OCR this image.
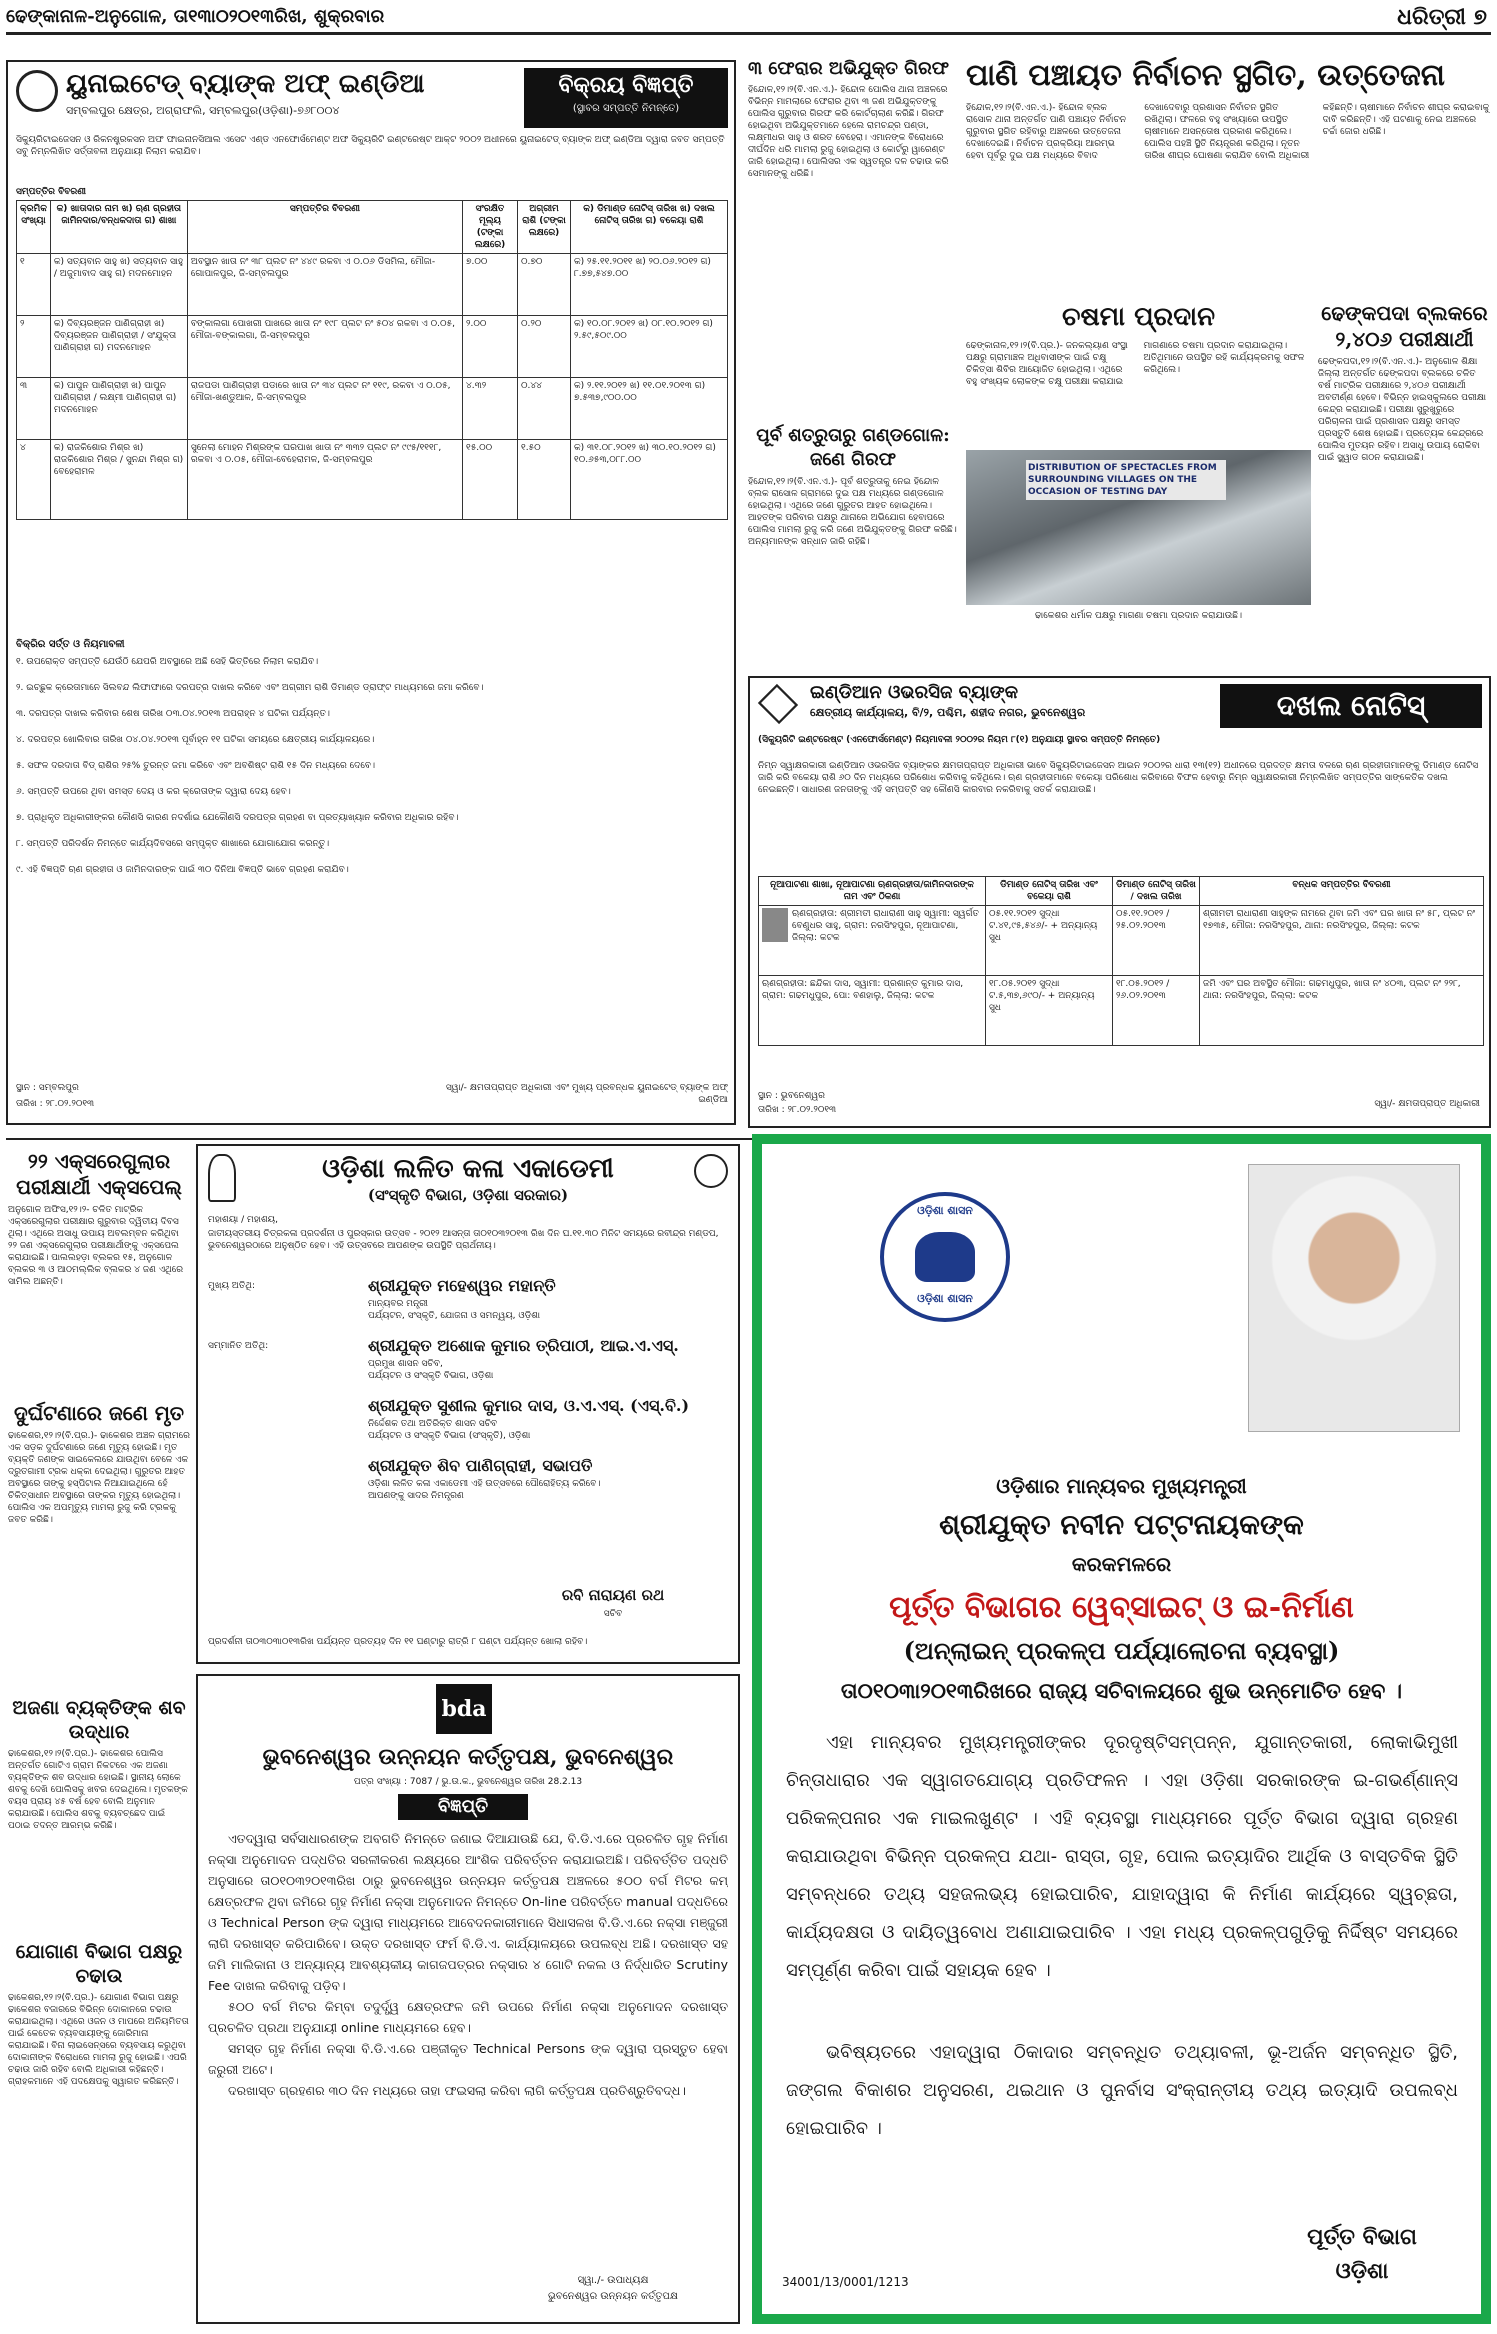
ଢେଙ୍କାନାଳ-ଅନୁଗୋଳ, ତା୧୩ା୦୨୦୧୩ରିଖ, ଶୁକ୍ରବାର	ଧରିତ୍ରୀ ୭
ୟୁନାଇଟେଡ୍ ବ୍ୟାଙ୍କ ଅଫ୍ ଇଣ୍ଡିଆ
ସମ୍ବଲପୁର କ୍ଷେତ୍ର, ଅଗ୍ରାଫଲି, ସମ୍ବଲପୁର(ଓଡ଼ିଶା)-୭୬୮୦୦୪
ବିକ୍ରୟ ବିଜ୍ଞପ୍ତି
(ସ୍ଥାବର ସମ୍ପତ୍ତି ନିମନ୍ତେ)
ସିକ୍ୟୁରିଟାଇଜେସନ ଓ ରିକନଷ୍ଟ୍ରକସନ ଅଫ ଫାଇନାନସିଆଲ ଏସେଟ ଏଣ୍ଡ ଏନଫୋର୍ସମେଣ୍ଟ ଅଫ ସିକ୍ୟୁରିଟି ଇଣ୍ଟରେଷ୍ଟ ଆକ୍ଟ ୨୦୦୨ ଅଧୀନରେ ୟୁନାଇଟେଡ୍ ବ୍ୟାଙ୍କ ଅଫ୍ ଇଣ୍ଡିଆ ଦ୍ୱାରା ଜବତ ସମ୍ପତ୍ତି ସବୁ ନିମ୍ନଲିଖିତ ସର୍ତ୍ତାବଳୀ ଅନୁଯାୟୀ ନିଲାମ କରାଯିବ।
ସମ୍ପତ୍ତିର ବିବରଣୀ
କ୍ରମିକ ସଂଖ୍ୟା	କ) ଖାତାଦାର ନାମ ଖ) ଋଣ ଗ୍ରହୀତା ଜାମିନଦାର/ବନ୍ଧକଦାତା ଗ) ଶାଖା	ସମ୍ପତ୍ତିର ବିବରଣୀ	ସଂରକ୍ଷିତ ମୂଲ୍ୟ (ଟଙ୍କା ଲକ୍ଷରେ)	ଅଗ୍ରୀମ ରାଶି (ଟଙ୍କା ଲକ୍ଷରେ)	କ) ଡିମାଣ୍ଡ ନୋଟିସ୍ ତାରିଖ ଖ) ଦଖଲ ନୋଟିସ୍ ତାରିଖ ଗ) ବକେୟା ରାଶି
୧	କ) ସତ୍ୟବାନ ସାହୁ ଖ) ସତ୍ୟବାନ ସାହୁ / ଅଜୁମାବାଦ ସାହୁ ଗ) ମଦନମୋହନ	ଅବସ୍ଥାନ ଖାତା ନଂ ୩୮ ପ୍ଲଟ ନଂ ୪୪୯ ରକବା ଏ ୦.୦୬ ଡିସମିଲ, ମୌଜା-ଗୋପାଳପୁର, ଜି-ସମ୍ବଲପୁର	୭.୦୦	୦.୭୦	କ) ୨୫.୧୧.୨୦୧୧ ଖ) ୨୦.୦୬.୨୦୧୨ ଗ) ୮.୭୭,୫୪୭.୦୦
୨	କ) ଦିବ୍ୟରଞ୍ଜନ ପାଣିଗ୍ରାହୀ ଖ) ଦିବ୍ୟରଞ୍ଜନ ପାଣିଗ୍ରାହୀ / ସଂଯୁକ୍ତା ପାଣିଗ୍ରାହୀ ଗ) ମଦନମୋହନ	ବଙ୍କାଲଗା ପୋଖରୀ ପାଖରେ ଖାତା ନଂ ୧୯୮ ପ୍ଲଟ ନଂ ୫୦୪ ରକବା ଏ ୦.୦୫, ମୌଜା-ବଙ୍କାଲଗା, ଜି-ସମ୍ବଲପୁର	୨.୦୦	୦.୨୦	କ) ୧୦.୦୮.୨୦୧୨ ଖ) ୦୮.୧୦.୨୦୧୨ ଗ) ୨.୫୯,୫୦୯.୦୦
୩	କ) ପାପୁନ ପାଣିଗ୍ରାହୀ ଖ) ପାପୁନ ପାଣିଗ୍ରାହୀ / ଲକ୍ଷ୍ମୀ ପାଣିଗ୍ରାହୀ ଗ) ମଦନମୋହନ	ରାଜପଡା ପାଣିଗ୍ରାହୀ ପଡାରେ ଖାତା ନଂ ୩୪ ପ୍ଲଟ ନଂ ୧୧୯, ରକବା ଏ ୦.୦୫, ମୌଜା-ଖଣ୍ଡୁଆଳ, ଜି-ସମ୍ବଲପୁର	୪.୩୨	୦.୪୪	କ) ୨.୧୧.୨୦୧୨ ଖ) ୧୧.୦୧.୨୦୧୩ ଗ) ୭.୫୩୭,୯୦୦.୦୦
୪	କ) ରାଜକିଶୋର ମିଶ୍ର ଖ) ରାଜକିଶୋର ମିଶ୍ର / ସୁନନ୍ଦା ମିଶ୍ର ଗ) ବେହେରାମଳ	ସୁନେଲା ମୋହନ ମିଶ୍ରଙ୍କ ଘରପାଖ ଖାତା ନଂ ୩୩୨ ପ୍ଲଟ ନଂ ୯୯୫/୧୧୧୮, ରକବା ଏ ୦.୦୫, ମୌଜା-ବେହେରାମଳ, ଜି-ସମ୍ବଲପୁର	୧୫.୦୦	୧.୫୦	କ) ୩୧.୦୮.୨୦୧୨ ଖ) ୩୦.୧୦.୨୦୧୨ ଗ) ୧୦.୬୫୩,୦୮୮.୦୦
ବିକ୍ରିର ସର୍ତ୍ତ ଓ ନିୟମାବଳୀ
୧. ଉପରୋକ୍ତ ସମ୍ପତ୍ତି ଯେଉଁଠି ଯେପରି ଅବସ୍ଥାରେ ଅଛି ସେହି ଭିତ୍ତିରେ ନିଲାମ କରାଯିବ।
୨. ଇଚ୍ଛୁକ କ୍ରେତାମାନେ ସିଲବନ୍ଦ ଲିଫାଫାରେ ଦରପତ୍ର ଦାଖଲ କରିବେ ଏବଂ ଅଗ୍ରୀମ ରାଶି ଡିମାଣ୍ଡ ଡ୍ରାଫ୍ଟ ମାଧ୍ୟମରେ ଜମା କରିବେ।
୩. ଦରପତ୍ର ଦାଖଲ କରିବାର ଶେଷ ତାରିଖ ୦୩.୦୪.୨୦୧୩ ଅପରାହ୍ନ ୪ ଘଟିକା ପର୍ଯ୍ୟନ୍ତ।
୪. ଦରପତ୍ର ଖୋଲିବାର ତାରିଖ ୦୪.୦୪.୨୦୧୩ ପୂର୍ବାହ୍ନ ୧୧ ଘଟିକା ସମୟରେ କ୍ଷେତ୍ରୀୟ କାର୍ଯ୍ୟାଳୟରେ।
୫. ସଫଳ ଦରଦାତା ବିଡ୍ ରାଶିର ୨୫% ତୁରନ୍ତ ଜମା କରିବେ ଏବଂ ଅବଶିଷ୍ଟ ରାଶି ୧୫ ଦିନ ମଧ୍ୟରେ ଦେବେ।
୬. ସମ୍ପତ୍ତି ଉପରେ ଥିବା ସମସ୍ତ ଦେୟ ଓ କର କ୍ରେତାଙ୍କ ଦ୍ୱାରା ଦେୟ ହେବ।
୭. ପ୍ରାଧିକୃତ ଅଧିକାରୀଙ୍କର କୌଣସି କାରଣ ନଦର୍ଶାଇ ଯେକୌଣସି ଦରପତ୍ର ଗ୍ରହଣ ବା ପ୍ରତ୍ୟାଖ୍ୟାନ କରିବାର ଅଧିକାର ରହିବ।
୮. ସମ୍ପତ୍ତି ପରିଦର୍ଶନ ନିମନ୍ତେ କାର୍ଯ୍ୟଦିବସରେ ସମ୍ପୃକ୍ତ ଶାଖାରେ ଯୋଗାଯୋଗ କରନ୍ତୁ।
୯. ଏହି ବିଜ୍ଞପ୍ତି ଋଣ ଗ୍ରହୀତା ଓ ଜାମିନଦାରଙ୍କ ପାଇଁ ୩୦ ଦିନିଆ ବିଜ୍ଞପ୍ତି ଭାବେ ଗ୍ରହଣ କରାଯିବ।
ସ୍ଥାନ : ସମ୍ବଲପୁର
ତାରିଖ : ୨୮.୦୨.୨୦୧୩
ସ୍ୱା/- କ୍ଷମତାପ୍ରାପ୍ତ ଅଧିକାରୀ ଏବଂ ମୁଖ୍ୟ ପ୍ରବନ୍ଧକ ୟୁନାଇଟେଡ୍ ବ୍ୟାଙ୍କ ଅଫ୍ ଇଣ୍ଡିଆ
୩ ଫେରାର ଅଭିଯୁକ୍ତ ଗିରଫ
ହିନ୍ଦୋଳ,୧୨।୨(ବି.ଏନ.ଏ.)- ହିନ୍ଦୋଳ ପୋଲିସ ଥାନା ଅଞ୍ଚଳରେ ବିଭିନ୍ନ ମାମଲାରେ ଫେରାର ଥିବା ୩ ଜଣ ଅଭିଯୁକ୍ତଙ୍କୁ ପୋଲିସ ଗୁରୁବାର ଗିରଫ କରି କୋର୍ଟଚାଲାଣ କରିଛି। ଗିରଫ ହୋଇଥିବା ଅଭିଯୁକ୍ତମାନେ ହେଲେ ରାମଚନ୍ଦ୍ର ପଣ୍ଡା, ଲକ୍ଷ୍ମୀଧର ସାହୁ ଓ ଶରତ ବେହେରା। ଏମାନଙ୍କ ବିରୋଧରେ ଦୀର୍ଘଦିନ ଧରି ମାମଲା ରୁଜୁ ହୋଇଥିଲା ଓ କୋର୍ଟରୁ ୱାରେଣ୍ଟ ଜାରି ହୋଇଥିଲା। ପୋଲିସର ଏକ ସ୍ୱତନ୍ତ୍ର ଦଳ ଚଢାଉ କରି ସେମାନଙ୍କୁ ଧରିଛି।
ପାଣି ପଞ୍ଚାୟତ ନିର୍ବାଚନ ସ୍ଥଗିତ, ଉତ୍ତେଜନା
ହିନ୍ଦୋଳ,୧୨।୨(ବି.ଏନ.ଏ.)- ହିନ୍ଦୋଳ ବ୍ଲକ ରାସୋଳ ଥାନା ଅନ୍ତର୍ଗତ ପାଣି ପଞ୍ଚାୟତ ନିର୍ବାଚନ ଗୁରୁବାର ସ୍ଥଗିତ ରହିବାରୁ ଅଞ୍ଚଳରେ ଉତ୍ତେଜନା ଦେଖାଦେଇଛି। ନିର୍ବାଚନ ପ୍ରକ୍ରିୟା ଆରମ୍ଭ ହେବା ପୂର୍ବରୁ ଦୁଇ ପକ୍ଷ ମଧ୍ୟରେ ବିବାଦ ଦେଖାଦେବାରୁ ପ୍ରଶାସନ ନିର୍ବାଚନ ସ୍ଥଗିତ ରଖିଥିଲା। ଫଳରେ ବହୁ ସଂଖ୍ୟାରେ ଉପସ୍ଥିତ ଚାଷୀମାନେ ଅସନ୍ତୋଷ ପ୍ରକାଶ କରିଥିଲେ। ପୋଲିସ ପହଞ୍ଚି ସ୍ଥିତି ନିୟନ୍ତ୍ରଣ କରିଥିଲା। ନୂତନ ତାରିଖ ଶୀଘ୍ର ଘୋଷଣା କରାଯିବ ବୋଲି ଅଧିକାରୀ କହିଛନ୍ତି। ଚାଷୀମାନେ ନିର୍ବାଚନ ଶୀଘ୍ର କରାଇବାକୁ ଦାବି କରିଛନ୍ତି। ଏହି ଘଟଣାକୁ ନେଇ ଅଞ୍ଚଳରେ ଚର୍ଚ୍ଚା ଜୋର ଧରିଛି।
ଚଷମା ପ୍ରଦାନ
ଢେଙ୍କାନାଳ,୧୨।୨(ବି.ପ୍ର.)- ଜନକଲ୍ୟାଣ ସଂସ୍ଥା ପକ୍ଷରୁ ଗ୍ରାମାଞ୍ଚଳ ଅଧିବାସୀଙ୍କ ପାଇଁ ଚକ୍ଷୁ ଚିକିତ୍ସା ଶିବିର ଆୟୋଜିତ ହୋଇଥିଲା। ଏଥିରେ ବହୁ ସଂଖ୍ୟକ ଲୋକଙ୍କ ଚକ୍ଷୁ ପରୀକ୍ଷା କରାଯାଇ ମାଗଣାରେ ଚଷମା ପ୍ରଦାନ କରାଯାଇଥିଲା। ଅତିଥିମାନେ ଉପସ୍ଥିତ ରହି କାର୍ଯ୍ୟକ୍ରମକୁ ସଫଳ କରିଥିଲେ।
DISTRIBUTION OF SPECTACLES FROM SURROUNDING VILLAGES ON THE OCCASION OF TESTING DAY
ଢାକେଶର ଧର୍ମାଳ ପକ୍ଷରୁ ମାଗଣା ଚଷମା ପ୍ରଦାନ କରାଯାଉଛି।
ଢେଙ୍କପଦା ବ୍ଲକରେ ୨,୪୦୬ ପରୀକ୍ଷାର୍ଥୀ
ଢେଙ୍କପଦା,୧୨।୨(ବି.ଏନ.ଏ.)- ଅନୁଗୋଳ ଶିକ୍ଷା ଜିଲ୍ଲା ଅନ୍ତର୍ଗତ ଢେଙ୍କପଦା ବ୍ଲକରେ ଚଳିତ ବର୍ଷ ମାଟ୍ରିକ ପରୀକ୍ଷାରେ ୨,୪୦୬ ପରୀକ୍ଷାର୍ଥୀ ଅବତୀର୍ଣ୍ଣ ହେବେ। ବିଭିନ୍ନ ହାଇସ୍କୁଲରେ ପରୀକ୍ଷା କେନ୍ଦ୍ର କରାଯାଇଛି। ପରୀକ୍ଷା ସୁରୁଖୁରୁରେ ପରିଚାଳନା ପାଇଁ ପ୍ରଶାସନ ପକ୍ଷରୁ ସମସ୍ତ ପ୍ରସ୍ତୁତି ଶେଷ ହୋଇଛି। ପ୍ରତ୍ୟେକ କେନ୍ଦ୍ରରେ ପୋଲିସ ମୁତୟନ ରହିବ। ଅସାଧୁ ଉପାୟ ରୋକିବା ପାଇଁ ସ୍କ୍ୱାଡ ଗଠନ କରାଯାଇଛି।
ପୂର୍ବ ଶତ୍ରୁତାରୁ ଗଣ୍ଡଗୋଳ: ଜଣେ ଗିରଫ
ହିନ୍ଦୋଳ,୧୨।୨(ବି.ଏନ.ଏ.)- ପୂର୍ବ ଶତ୍ରୁତାକୁ ନେଇ ହିନ୍ଦୋଳ ବ୍ଲକ ରାସୋଳ ଗ୍ରାମରେ ଦୁଇ ପକ୍ଷ ମଧ୍ୟରେ ଗଣ୍ଡଗୋଳ ହୋଇଥିଲା। ଏଥିରେ ଜଣେ ଗୁରୁତର ଆହତ ହୋଇଥିଲେ। ଆହତଙ୍କ ପରିବାର ପକ୍ଷରୁ ଥାନାରେ ଅଭିଯୋଗ ହେବାପରେ ପୋଲିସ ମାମଲା ରୁଜୁ କରି ଜଣେ ଅଭିଯୁକ୍ତଙ୍କୁ ଗିରଫ କରିଛି। ଅନ୍ୟମାନଙ୍କ ସନ୍ଧାନ ଜାରି ରହିଛି।
ଇଣ୍ଡିଆନ ଓଭରସିଜ ବ୍ୟାଙ୍କ
କ୍ଷେତ୍ରୀୟ କାର୍ଯ୍ୟାଳୟ, ବି/୨, ପଶ୍ଚିମ, ଶହୀଦ ନଗର, ଭୁବନେଶ୍ୱର	ଦଖଲ ନୋଟିସ୍
(ସିକ୍ୟୁରିଟି ଇଣ୍ଟରେଷ୍ଟ (ଏନଫୋର୍ସମେଣ୍ଟ) ନିୟମାବଳୀ ୨୦୦୨ର ନିୟମ ୮(୧) ଅନୁଯାୟୀ ସ୍ଥାବର ସମ୍ପତ୍ତି ନିମନ୍ତେ)
ନିମ୍ନ ସ୍ୱାକ୍ଷରକାରୀ ଇଣ୍ଡିଆନ ଓଭରସିଜ ବ୍ୟାଙ୍କର କ୍ଷମତାପ୍ରାପ୍ତ ଅଧିକାରୀ ଭାବେ ସିକ୍ୟୁରିଟାଇଜେସନ ଆଇନ ୨୦୦୨ର ଧାରା ୧୩(୧୨) ଅଧୀନରେ ପ୍ରଦତ୍ତ କ୍ଷମତା ବଳରେ ଋଣ ଗ୍ରହୀତାମାନଙ୍କୁ ଡିମାଣ୍ଡ ନୋଟିସ ଜାରି କରି ବକେୟା ରାଶି ୬୦ ଦିନ ମଧ୍ୟରେ ପରିଶୋଧ କରିବାକୁ କହିଥିଲେ। ଋଣ ଗ୍ରହୀତାମାନେ ବକେୟା ପରିଶୋଧ କରିବାରେ ବିଫଳ ହେବାରୁ ନିମ୍ନ ସ୍ୱାକ୍ଷରକାରୀ ନିମ୍ନଲିଖିତ ସମ୍ପତ୍ତିର ସାଙ୍କେତିକ ଦଖଲ ନେଇଛନ୍ତି। ସାଧାରଣ ଜନତାଙ୍କୁ ଏହି ସମ୍ପତ୍ତି ସହ କୌଣସି କାରବାର ନକରିବାକୁ ସତର୍କ କରାଯାଉଛି।
ନୂଆପାଟଣା ଶାଖା, ନୂଆପାଟଣା ଋଣଗ୍ରହୀତା/ଜାମିନଦାରଙ୍କ ନାମ ଏବଂ ଠିକଣା	ଡିମାଣ୍ଡ ନୋଟିସ୍ ତାରିଖ ଏବଂ ବକେୟା ରାଶି	ଡିମାଣ୍ଡ ନୋଟିସ୍ ତାରିଖ / ଦଖଲ ତାରିଖ	ବନ୍ଧକ ସମ୍ପତ୍ତିର ବିବରଣୀ

ଋଣଗ୍ରହୀତା: ଶ୍ରୀମତୀ ରାଧାରାଣୀ ସାହୁ ସ୍ୱାମୀ: ସ୍ୱର୍ଗତ ବେଣୁଧର ସାହୁ, ଗ୍ରାମ: ନରସିଂହପୁର, ନୂଆପାଟଣା, ଜିଲ୍ଲା: କଟକ	୦୫.୧୧.୨୦୧୨ ସୁଦ୍ଧା ଟ.୪୧,୯୫,୫୪୬/- + ଅନ୍ୟାନ୍ୟ ସୁଧ	୦୫.୧୧.୨୦୧୨ / ୨୫.୦୨.୨୦୧୩	ଶ୍ରୀମତୀ ରାଧାରାଣୀ ସାହୁଙ୍କ ନାମରେ ଥିବା ଜମି ଏବଂ ଘର ଖାତା ନଂ ୫୮, ପ୍ଲଟ ନଂ ୧୭୩୫, ମୌଜା: ନରସିଂହପୁର, ଥାନା: ନରସିଂହପୁର, ଜିଲ୍ଲା: କଟକ
ଋଣଗ୍ରହୀତା: ଛନ୍ଦିକା ଦାସ, ସ୍ୱାମୀ: ପ୍ରଶାନ୍ତ କୁମାର ଦାସ, ଗ୍ରାମ: ଗଢମଧୁପୁର, ପୋ: ବଣହାଲୁ, ଜିଲ୍ଲା: କଟକ	୧୮.୦୫.୨୦୧୨ ସୁଦ୍ଧା ଟ.୫,୩୭,୬୯୦/- + ଅନ୍ୟାନ୍ୟ ସୁଧ	୧୮.୦୫.୨୦୧୨ / ୨୬.୦୨.୨୦୧୩	ଜମି ଏବଂ ଘର ଅବସ୍ଥିତ ମୌଜା: ଗଢମଧୁପୁର, ଖାତା ନଂ ୪୦୩, ପ୍ଲଟ ନଂ ୨୨୮, ଥାନା: ନରସିଂହପୁର, ଜିଲ୍ଲା: କଟକ
ସ୍ଥାନ : ଭୁବନେଶ୍ୱର
ତାରିଖ : ୨୮.୦୨.୨୦୧୩
ସ୍ୱା/- କ୍ଷମତାପ୍ରାପ୍ତ ଅଧିକାରୀ
୨୨ ଏକ୍ସରେଗୁଲାର ପରୀକ୍ଷାର୍ଥୀ ଏକ୍ସପେଲ୍
ଅନୁଗୋଳ ଅଫିସ,୧୨।୨- ଚଳିତ ମାଟ୍ରିକ ଏକ୍ସରେଗୁଲାର ପରୀକ୍ଷାର ଗୁରୁବାର ଦ୍ୱିତୀୟ ଦିବସ ଥିଲା। ଏଥିରେ ଅସାଧୁ ଉପାୟ ଅବଲମ୍ବନ କରିଥିବା ୨୨ ଜଣ ଏକ୍ସରେଗୁଲାର ପରୀକ୍ଷାର୍ଥୀଙ୍କୁ ଏକ୍ସପେଲ କରାଯାଇଛି। ପାଲଲହଡ଼ା ବ୍ଲକର ୧୫, ଅନୁଗୋଳ ବ୍ଲକର ୩ ଓ ଆଠମଲ୍ଲିକ ବ୍ଲକର ୪ ଜଣ ଏଥିରେ ସାମିଲ ଅଛନ୍ତି।
ଦୁର୍ଘଟଣାରେ ଜଣେ ମୃତ
ଢାକେଶର,୧୨।୨(ବି.ପ୍ର.)- ଢାକେଶର ଅଞ୍ଚଳ ଗ୍ରାମରେ ଏକ ସଡ଼କ ଦୁର୍ଘଟଣାରେ ଜଣେ ମୃତ୍ୟୁ ହୋଇଛି। ମୃତ ବ୍ୟକ୍ତି ଜଣଙ୍କ ସାଇକେଲରେ ଯାଉଥିବା ବେଳେ ଏକ ଦ୍ରୁତଗାମୀ ଟ୍ରକ ଧକ୍କା ଦେଇଥିଲା। ଗୁରୁତର ଆହତ ଅବସ୍ଥାରେ ତାଙ୍କୁ ହସ୍ପିଟାଲ ନିଆଯାଇଥିଲେ ହେଁ ଚିକିତ୍ସାଧୀନ ଅବସ୍ଥାରେ ତାଙ୍କର ମୃତ୍ୟୁ ହୋଇଥିଲା। ପୋଲିସ ଏକ ଅପମୃତ୍ୟୁ ମାମଲା ରୁଜୁ କରି ଟ୍ରକକୁ ଜବତ କରିଛି।
ଅଜଣା ବ୍ୟକ୍ତିଙ୍କ ଶବ ଉଦ୍ଧାର
ଢାକେଶର,୧୨।୨(ବି.ପ୍ର.)- ଢାକେଶର ପୋଲିସ ଅନ୍ତର୍ଗତ ଗୋଟିଏ ଗ୍ରାମ ନିକଟରେ ଏକ ଅଜଣା ବ୍ୟକ୍ତିଙ୍କ ଶବ ଉଦ୍ଧାର ହୋଇଛି। ସ୍ଥାନୀୟ ଲୋକେ ଶବକୁ ଦେଖି ପୋଲିସକୁ ଖବର ଦେଇଥିଲେ। ମୃତକଙ୍କ ବୟସ ପ୍ରାୟ ୪୫ ବର୍ଷ ହେବ ବୋଲି ଅନୁମାନ କରାଯାଉଛି। ପୋଲିସ ଶବକୁ ବ୍ୟବଚ୍ଛେଦ ପାଇଁ ପଠାଇ ତଦନ୍ତ ଆରମ୍ଭ କରିଛି।
ଯୋଗାଣ ବିଭାଗ ପକ୍ଷରୁ ଚଢାଉ
ଢାକେଶର,୧୨।୨(ବି.ପ୍ର.)- ଯୋଗାଣ ବିଭାଗ ପକ୍ଷରୁ ଢାକେଶର ବଜାରରେ ବିଭିନ୍ନ ଦୋକାନରେ ଚଢାଉ କରାଯାଇଥିଲା। ଏଥିରେ ଓଜନ ଓ ମାପରେ ଅନିୟମିତତା ପାଇଁ କେତେକ ବ୍ୟବସାୟୀଙ୍କୁ ଜୋରିମାନା କରାଯାଇଛି। ବିନା ଲାଇସେନ୍ସରେ ବ୍ୟବସାୟ କରୁଥିବା ଦୋକାନୀଙ୍କ ବିରୋଧରେ ମାମଲା ରୁଜୁ ହୋଇଛି। ଏପରି ଚଢାଉ ଜାରି ରହିବ ବୋଲି ଅଧିକାରୀ କହିଛନ୍ତି। ଗ୍ରାହକମାନେ ଏହି ପଦକ୍ଷେପକୁ ସ୍ୱାଗତ କରିଛନ୍ତି।
ଓଡ଼ିଶା ଲଳିତ କଳା ଏକାଡେମୀ
(ସଂସ୍କୃତି ବିଭାଗ, ଓଡ଼ିଶା ସରକାର)
ମହାଶୟା / ମହାଶୟ,
ଜାତୀୟସ୍ତରୀୟ ଚିତ୍ରକଳା ପ୍ରଦର୍ଶନୀ ଓ ପୁରସ୍କାର ଉତ୍ସବ - ୨୦୧୨ ଆସନ୍ତା ତା୦୧୦୩୨୦୧୩ ରିଖ ଦିନ ଘ.୧୧.୩୦ ମିନିଟ ସମୟରେ ରବୀନ୍ଦ୍ର ମଣ୍ଡପ, ଭୁବନେଶ୍ୱରଠାରେ ଅନୁଷ୍ଠିତ ହେବ। ଏହି ଉତ୍ସବରେ ଆପଣଙ୍କ ଉପସ୍ଥିତି ପ୍ରାର୍ଥନୀୟ।
ମୁଖ୍ୟ ଅତିଥି:	ଶ୍ରୀଯୁକ୍ତ ମହେଶ୍ୱର ମହାନ୍ତି
ମାନ୍ୟବର ମନ୍ତ୍ରୀ
ପର୍ଯ୍ୟଟନ, ସଂସ୍କୃତି, ଯୋଜନା ଓ ସମନ୍ୱୟ, ଓଡ଼ିଶା
ସମ୍ମାନିତ ଅତିଥି:	ଶ୍ରୀଯୁକ୍ତ ଅଶୋକ କୁମାର ତ୍ରିପାଠୀ, ଆଇ.ଏ.ଏସ୍.
ପ୍ରମୁଖ ଶାସନ ସଚିବ,
ପର୍ଯ୍ୟଟନ ଓ ସଂସ୍କୃତି ବିଭାଗ, ଓଡ଼ିଶା
ଶ୍ରୀଯୁକ୍ତ ସୁଶୀଲ କୁମାର ଦାସ, ଓ.ଏ.ଏସ୍. (ଏସ୍.ବି.)
ନିର୍ଦ୍ଦେଶକ ତଥା ଅତିରିକ୍ତ ଶାସନ ସଚିବ
ପର୍ଯ୍ୟଟନ ଓ ସଂସ୍କୃତି ବିଭାଗ (ସଂସ୍କୃତି), ଓଡ଼ିଶା
ଶ୍ରୀଯୁକ୍ତ ଶିବ ପାଣିଗ୍ରାହୀ, ସଭାପତି
ଓଡ଼ିଶା ଲଳିତ କଳା ଏକାଡେମୀ ଏହି ଉତ୍ସବରେ ପୌରୋହିତ୍ୟ କରିବେ।
ଆପଣଙ୍କୁ ସାଦର ନିମନ୍ତ୍ରଣ
ରବି ନାରାୟଣ ରଥ
ସଚିବ
ପ୍ରଦର୍ଶନୀ ତା୦୩୦୩ା୦୧୩ରିଖ ପର୍ଯ୍ୟନ୍ତ ପ୍ରତ୍ୟହ ଦିନ ୧୧ ଘଣ୍ଟାରୁ ରାତ୍ରି ୮ ଘଣ୍ଟା ପର୍ଯ୍ୟନ୍ତ ଖୋଲା ରହିବ।
bda
ଭୁବନେଶ୍ୱର ଉନ୍ନୟନ କର୍ତ୍ତୃପକ୍ଷ, ଭୁବନେଶ୍ୱର
ପତ୍ର ସଂଖ୍ୟା : 7087 / ଭୁ.ଉ.କ., ଭୁବନେଶ୍ୱର ତାରିଖ 28.2.13
ବିଜ୍ଞପ୍ତି
ଏତଦ୍ୱାରା ସର୍ବସାଧାରଣଙ୍କ ଅବଗତି ନିମନ୍ତେ ଜଣାଇ ଦିଆଯାଉଛି ଯେ, ବି.ଡି.ଏ.ରେ ପ୍ରଚଳିତ ଗୃହ ନିର୍ମାଣ ନକ୍ସା ଅନୁମୋଦନ ପଦ୍ଧତିର ସରଳୀକରଣ ଲକ୍ଷ୍ୟରେ ଆଂଶିକ ପରିବର୍ତ୍ତନ କରାଯାଇଅଛି। ପରିବର୍ତ୍ତିତ ପଦ୍ଧତି ଅନୁସାରେ ତା୦୧୦୩୨୦୧୩ରିଖ ଠାରୁ ଭୁବନେଶ୍ୱର ଉନ୍ନୟନ କର୍ତ୍ତୃପକ୍ଷ ଅଞ୍ଚଳରେ ୫୦୦ ବର୍ଗ ମିଟର କମ୍ କ୍ଷେତ୍ରଫଳ ଥିବା ଜମିରେ ଗୃହ ନିର୍ମାଣ ନକ୍ସା ଅନୁମୋଦନ ନିମନ୍ତେ On-line ପରିବର୍ତ୍ତେ manual ପଦ୍ଧତିରେ ଓ Technical Person ଙ୍କ ଦ୍ୱାରା ମାଧ୍ୟମରେ ଆବେଦନକାରୀମାନେ ସିଧାସଳଖ ବି.ଡି.ଏ.ରେ ନକ୍ସା ମଞ୍ଜୁରୀ ଲାଗି ଦରଖାସ୍ତ କରିପାରିବେ। ଉକ୍ତ ଦରଖାସ୍ତ ଫର୍ମ ବି.ଡି.ଏ. କାର୍ଯ୍ୟାଳୟରେ ଉପଲବ୍ଧ ଅଛି। ଦରଖାସ୍ତ ସହ ଜମି ମାଲିକାନା ଓ ଅନ୍ୟାନ୍ୟ ଆବଶ୍ୟକୀୟ କାଗଜପତ୍ରର ନକ୍ସାର ୪ ଗୋଟି ନକଲ ଓ ନିର୍ଦ୍ଧାରିତ Scrutiny Fee ଦାଖଲ କରିବାକୁ ପଡ଼ିବ।
୫୦୦ ବର୍ଗ ମିଟର କିମ୍ବା ତଦୁର୍ଦ୍ଧ୍ୱ କ୍ଷେତ୍ରଫଳ ଜମି ଉପରେ ନିର୍ମାଣ ନକ୍ସା ଅନୁମୋଦନ ଦରଖାସ୍ତ ପ୍ରଚଳିତ ପ୍ରଥା ଅନୁଯାୟୀ online ମାଧ୍ୟମରେ ହେବ।
ସମସ୍ତ ଗୃହ ନିର୍ମାଣ ନକ୍ସା ବି.ଡି.ଏ.ରେ ପଞ୍ଜୀକୃତ Technical Persons ଙ୍କ ଦ୍ୱାରା ପ୍ରସ୍ତୁତ ହେବା ଜରୁରୀ ଅଟେ।
ଦରଖାସ୍ତ ଗ୍ରହଣର ୩୦ ଦିନ ମଧ୍ୟରେ ତାହା ଫଇସଲା କରିବା ଲାଗି କର୍ତ୍ତୃପକ୍ଷ ପ୍ରତିଶ୍ରୁତିବଦ୍ଧ।
ସ୍ୱା./- ଉପାଧ୍ୟକ୍ଷ
ଭୁବନେଶ୍ୱର ଉନ୍ନୟନ କର୍ତ୍ତୃପକ୍ଷ
ଓଡ଼ିଶା ଶାସନ
ଓଡ଼ିଶା ଶାସନ
ଓଡ଼ିଶାର ମାନ୍ୟବର ମୁଖ୍ୟମନ୍ତ୍ରୀ
ଶ୍ରୀଯୁକ୍ତ ନବୀନ ପଟ୍ଟନାୟକଙ୍କ
କରକମଳରେ
ପୂର୍ତ୍ତ ବିଭାଗର ୱେବ୍‌ସାଇଟ୍ ଓ ଇ-ନିର୍ମାଣ
(ଅନ୍‌ଲାଇନ୍ ପ୍ରକଳ୍ପ ପର୍ଯ୍ୟାଲୋଚନା ବ୍ୟବସ୍ଥା)
ତା୦୧୦୩ା୨୦୧୩ରିଖରେ ରାଜ୍ୟ ସଚିବାଳୟରେ ଶୁଭ ଉନ୍ମୋଚିତ ହେବ ।
ଏହା ମାନ୍ୟବର ମୁଖ୍ୟମନ୍ତ୍ରୀଙ୍କର ଦୂରଦୃଷ୍ଟିସମ୍ପନ୍ନ, ଯୁଗାନ୍ତକାରୀ, ଲୋକାଭିମୁଖୀ ଚିନ୍ତାଧାରାର ଏକ ସ୍ୱାଗତଯୋଗ୍ୟ ପ୍ରତିଫଳନ । ଏହା ଓଡ଼ିଶା ସରକାରଙ୍କ ଇ-ଗଭର୍ଣ୍ଣାନ୍ସ ପରିକଳ୍ପନାର ଏକ ମାଇଲଖୁଣ୍ଟ । ଏହି ବ୍ୟବସ୍ଥା ମାଧ୍ୟମରେ ପୂର୍ତ୍ତ ବିଭାଗ ଦ୍ୱାରା ଗ୍ରହଣ କରାଯାଉଥିବା ବିଭିନ୍ନ ପ୍ରକଳ୍ପ ଯଥା- ରାସ୍ତା, ଗୃହ, ପୋଲ ଇତ୍ୟାଦିର ଆର୍ଥିକ ଓ ବାସ୍ତବିକ ସ୍ଥିତି ସମ୍ବନ୍ଧରେ ତଥ୍ୟ ସହଜଲଭ୍ୟ ହୋଇପାରିବ, ଯାହାଦ୍ୱାରା କି ନିର୍ମାଣ କାର୍ଯ୍ୟରେ ସ୍ୱଚ୍ଛତା, କାର୍ଯ୍ୟଦକ୍ଷତା ଓ ଦାୟିତ୍ୱବୋଧ ଅଣାଯାଇପାରିବ । ଏହା ମଧ୍ୟ ପ୍ରକଳ୍ପଗୁଡ଼ିକୁ ନିର୍ଦ୍ଦିଷ୍ଟ ସମୟରେ ସମ୍ପୂର୍ଣ୍ଣ କରିବା ପାଇଁ ସହାୟକ ହେବ ।
ଭବିଷ୍ୟତରେ ଏହାଦ୍ୱାରା ଠିକାଦାର ସମ୍ବନ୍ଧିତ ତଥ୍ୟାବଳୀ, ଭୂ-ଅର୍ଜନ ସମ୍ବନ୍ଧିତ ସ୍ଥିତି, ଜଙ୍ଗଲ ବିକାଶର ଅନୁସରଣ, ଥଇଥାନ ଓ ପୁନର୍ବାସ ସଂକ୍ରାନ୍ତୀୟ ତଥ୍ୟ ଇତ୍ୟାଦି ଉପଲବ୍ଧ ହୋଇପାରିବ ।
ପୂର୍ତ୍ତ ବିଭାଗ
ଓଡ଼ିଶା
34001/13/0001/1213
